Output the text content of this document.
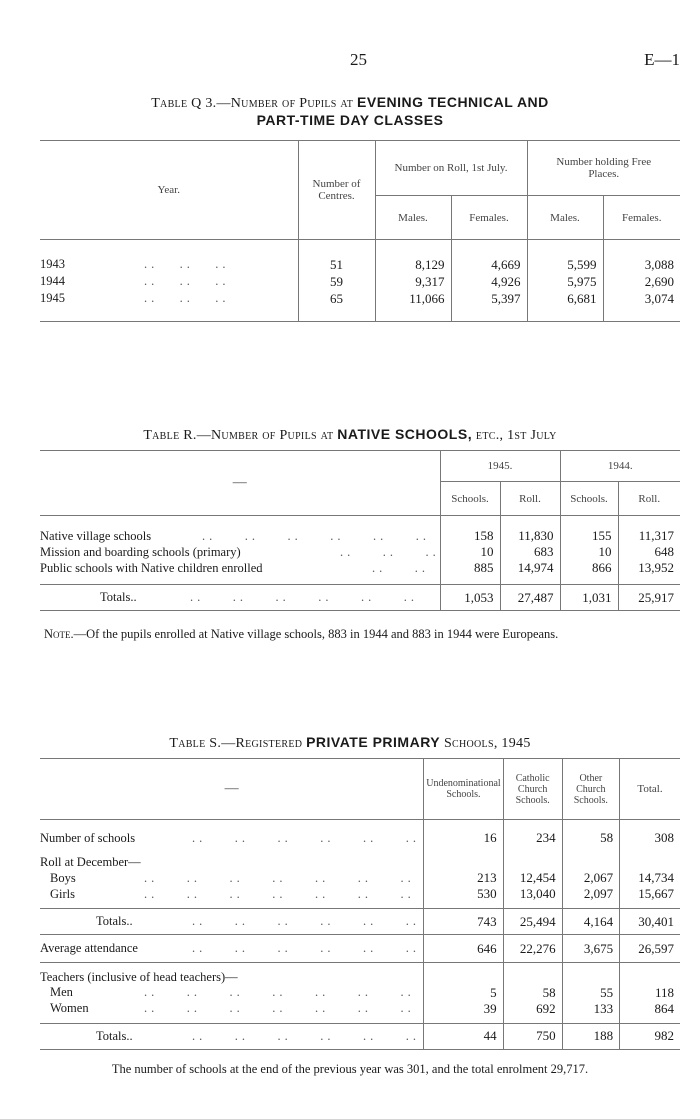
25	E—1
Table Q 3.—Number of Pupils at EVENING TECHNICAL AND
PART-TIME DAY CLASSES
Year.	Number of Centres.	Number on Roll, 1st July.		Number holding Free Places.	
		Males.	Females.	Males.	Females.

1943 ..   ..   ..	51	8,129	4,669	5,599	3,088
1944 ..   ..   ..	59	9,317	4,926	5,975	2,690
1945 ..   ..   ..	65	11,066	5,397	6,681	3,074

Table R.—Number of Pupils at NATIVE SCHOOLS, etc., 1st July
—	1945.		1944.	
	Schools.	Roll.	Schools.	Roll.

Native village schools ..    ..    ..    ..    ..    ..	158	11,830	155	11,317
Mission and boarding schools (primary) ..    ..    ..	10	683	10	648
Public schools with Native children enrolled ..    ..	885	14,974	866	13,952

Totals.. ..    ..    ..    ..    ..    ..	1,053	27,487	1,031	25,917

Note.—Of the pupils enrolled at Native village schools, 883 in 1944 and 883 in 1944 were Europeans.
Table S.—Registered PRIVATE PRIMARY Schools, 1945
—	Undenominational Schools.	Catholic Church Schools.	Other Church Schools.	Total.

Number of schools ..    ..    ..    ..    ..    ..	16	234	58	308

Roll at December—				
Boys ..    ..    ..    ..    ..    ..    ..	213	12,454	2,067	14,734
Girls ..    ..    ..    ..    ..    ..    ..	530	13,040	2,097	15,667

Totals.. ..    ..    ..    ..    ..    ..	743	25,494	4,164	30,401
Average attendance ..    ..    ..    ..    ..    ..	646	22,276	3,675	26,597
Teachers (inclusive of head teachers)—				
Men ..    ..    ..    ..    ..    ..    ..	5	58	55	118
Women ..    ..    ..    ..    ..    ..    ..	39	692	133	864

Totals.. ..    ..    ..    ..    ..    ..	44	750	188	982

The number of schools at the end of the previous year was 301, and the total enrolment 29,717.
